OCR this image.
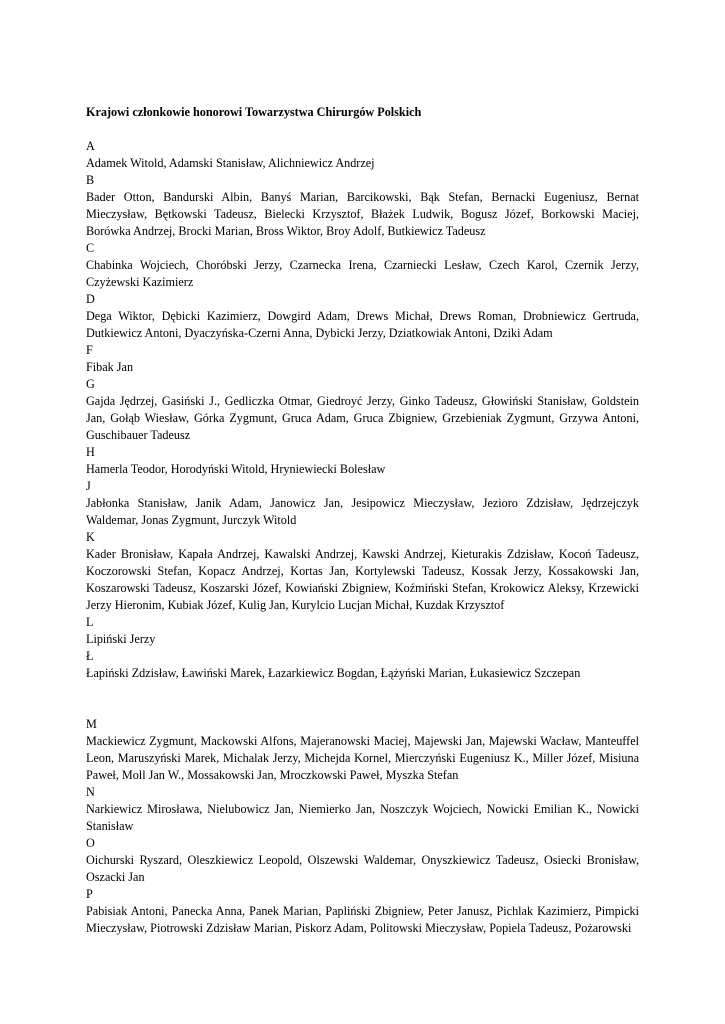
Krajowi członkowie honorowi Towarzystwa Chirurgów Polskich

A

Adamek Witold, Adamski Stanisław, Alichniewicz Andrzej

B

Bader Otton, Bandurski Albin, Banyś Marian, Barcikowski, Bąk Stefan, Bernacki Eugeniusz, Bernat Mieczysław, Bętkowski Tadeusz, Bielecki Krzysztof, Błażek Ludwik, Bogusz Józef, Borkowski Maciej, Borówka Andrzej, Brocki Marian, Bross Wiktor, Broy Adolf, Butkiewicz Tadeusz

C

Chabinka Wojciech, Choróbski Jerzy, Czarnecka Irena, Czarniecki Lesław, Czech Karol, Czernik Jerzy, Czyżewski Kazimierz

D

Dega Wiktor, Dębicki Kazimierz, Dowgird Adam, Drews Michał, Drews Roman, Drobniewicz Gertruda, Dutkiewicz Antoni, Dyaczyńska-Czerni Anna, Dybicki Jerzy, Dziatkowiak Antoni, Dziki Adam

F

Fibak Jan

G

Gajda Jędrzej, Gasiński J., Gedliczka Otmar, Giedroyć Jerzy, Ginko Tadeusz, Głowiński Stanisław, Goldstein Jan, Gołąb Wiesław, Górka Zygmunt, Gruca Adam, Gruca Zbigniew, Grzebieniak Zygmunt, Grzywa Antoni, Guschibauer Tadeusz

H

Hamerla Teodor, Horodyński Witold, Hryniewiecki Bolesław

J

Jabłonka Stanisław, Janik Adam, Janowicz Jan, Jesipowicz Mieczysław, Jezioro Zdzisław, Jędrzejczyk Waldemar, Jonas Zygmunt, Jurczyk Witold

K

Kader Bronisław, Kapała Andrzej, Kawalski Andrzej, Kawski Andrzej, Kieturakis Zdzisław, Kocoń Tadeusz, Koczorowski Stefan, Kopacz Andrzej, Kortas Jan, Kortylewski Tadeusz, Kossak Jerzy, Kossakowski Jan, Koszarowski Tadeusz, Koszarski Józef, Kowiański Zbigniew, Koźmiński Stefan, Krokowicz Aleksy, Krzewicki Jerzy Hieronim, Kubiak Józef, Kulig Jan, Kurylcio Lucjan Michał, Kuzdak Krzysztof

L

Lipiński Jerzy

Ł

Łapiński Zdzisław, Ławiński Marek, Łazarkiewicz Bogdan, Łążyński Marian, Łukasiewicz Szczepan

M

Mackiewicz Zygmunt, Mackowski Alfons, Majeranowski Maciej, Majewski Jan, Majewski Wacław, Manteuffel Leon, Maruszyński Marek, Michalak Jerzy, Michejda Kornel, Mierczyński Eugeniusz K., Miller Józef, Misiuna Paweł, Moll Jan W., Mossakowski Jan, Mroczkowski Paweł, Myszka Stefan

N

Narkiewicz Mirosława, Nielubowicz Jan, Niemierko Jan, Noszczyk Wojciech, Nowicki Emilian K., Nowicki Stanisław

O

Oichurski Ryszard, Oleszkiewicz Leopold, Olszewski Waldemar, Onyszkiewicz Tadeusz, Osiecki Bronisław, Oszacki Jan

P

Pabisiak Antoni, Panecka Anna, Panek Marian, Papliński Zbigniew, Peter Janusz, Pichlak Kazimierz, Pimpicki Mieczysław, Piotrowski Zdzisław Marian, Piskorz Adam, Politowski Mieczysław, Popiela Tadeusz, Pożarowski
